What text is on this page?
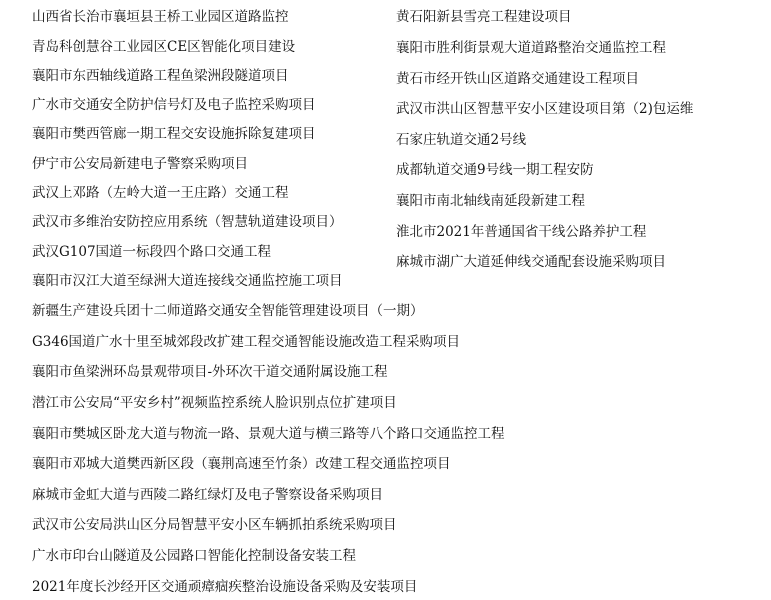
山西省长治市襄垣县王桥工业园区道路监控
青岛科创慧谷工业园区CE区智能化项目建设
襄阳市东西轴线道路工程鱼梁洲段隧道项目
广水市交通安全防护信号灯及电子监控采购项目
襄阳市樊西管廊一期工程交安设施拆除复建项目
伊宁市公安局新建电子警察采购项目
武汉上邓路（左岭大道一王庄路）交通工程
武汉市多维治安防控应用系统（智慧轨道建设项目）
武汉G107国道一标段四个路口交通工程
襄阳市汉江大道至绿洲大道连接线交通监控施工项目
黄石阳新县雪亮工程建设项目
襄阳市胜利街景观大道道路整治交通监控工程
黄石市经开铁山区道路交通建设工程项目
武汉市洪山区智慧平安小区建设项目第（2)包运维
石家庄轨道交通2号线
成都轨道交通9号线一期工程安防
襄阳市南北轴线南延段新建工程
淮北市2021年普通国省干线公路养护工程
麻城市湖广大道延伸线交通配套设施采购项目
新疆生产建设兵团十二师道路交通安全智能管理建设项目（一期）
G346国道广水十里至城郊段改扩建工程交通智能设施改造工程采购项目
襄阳市鱼梁洲环岛景观带项目-外环次干道交通附属设施工程
潜江市公安局“平安乡村”视频监控系统人脸识别点位扩建项目
襄阳市樊城区卧龙大道与物流一路、景观大道与横三路等八个路口交通监控工程
襄阳市邓城大道樊西新区段（襄荆高速至竹条）改建工程交通监控项目
麻城市金虹大道与西陵二路红绿灯及电子警察设备采购项目
武汉市公安局洪山区分局智慧平安小区车辆抓拍系统采购项目
广水市印台山隧道及公园路口智能化控制设备安装工程
2021年度长沙经开区交通顽瘴痼疾整治设施设备采购及安装项目
